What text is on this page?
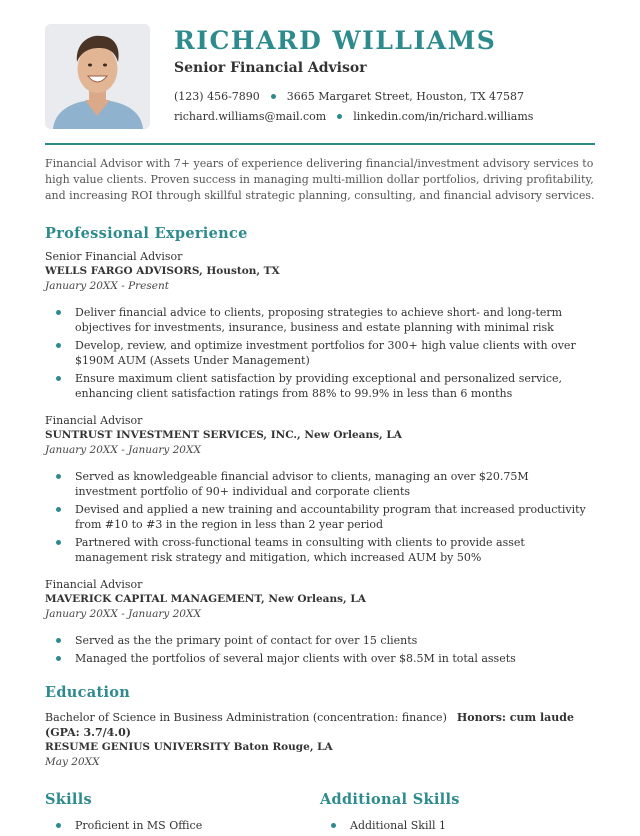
RICHARD WILLIAMS
Senior Financial Advisor
(123) 456-7890 3665 Margaret Street, Houston, TX 47587
richard.williams@mail.com linkedin.com/in/richard.williams
Financial Advisor with 7+ years of experience delivering financial/investment advisory services to high value clients. Proven success in managing multi-million dollar portfolios, driving profitability, and increasing ROI through skillful strategic planning, consulting, and financial advisory services.
Professional Experience
Senior Financial Advisor
WELLS FARGO ADVISORS, Houston, TX
January 20XX - Present
Deliver financial advice to clients, proposing strategies to achieve short- and long-term objectives for investments, insurance, business and estate planning with minimal risk
Develop, review, and optimize investment portfolios for 300+ high value clients with over $190M AUM (Assets Under Management)
Ensure maximum client satisfaction by providing exceptional and personalized service, enhancing client satisfaction ratings from 88% to 99.9% in less than 6 months
Financial Advisor
SUNTRUST INVESTMENT SERVICES, INC., New Orleans, LA
January 20XX - January 20XX
Served as knowledgeable financial advisor to clients, managing an over $20.75M investment portfolio of 90+ individual and corporate clients
Devised and applied a new training and accountability program that increased productivity from #10 to #3 in the region in less than 2 year period
Partnered with cross-functional teams in consulting with clients to provide asset management risk strategy and mitigation, which increased AUM by 50%
Financial Advisor
MAVERICK CAPITAL MANAGEMENT, New Orleans, LA
January 20XX - January 20XX
Served as the the primary point of contact for over 15 clients
Managed the portfolios of several major clients with over $8.5M in total assets
Education
Bachelor of Science in Business Administration (concentration: finance) Honors: cum laude (GPA: 3.7/4.0)
RESUME GENIUS UNIVERSITY Baton Rouge, LA
May 20XX
Skills
Proficient in MS Office
Additional Skills
Additional Skill 1
